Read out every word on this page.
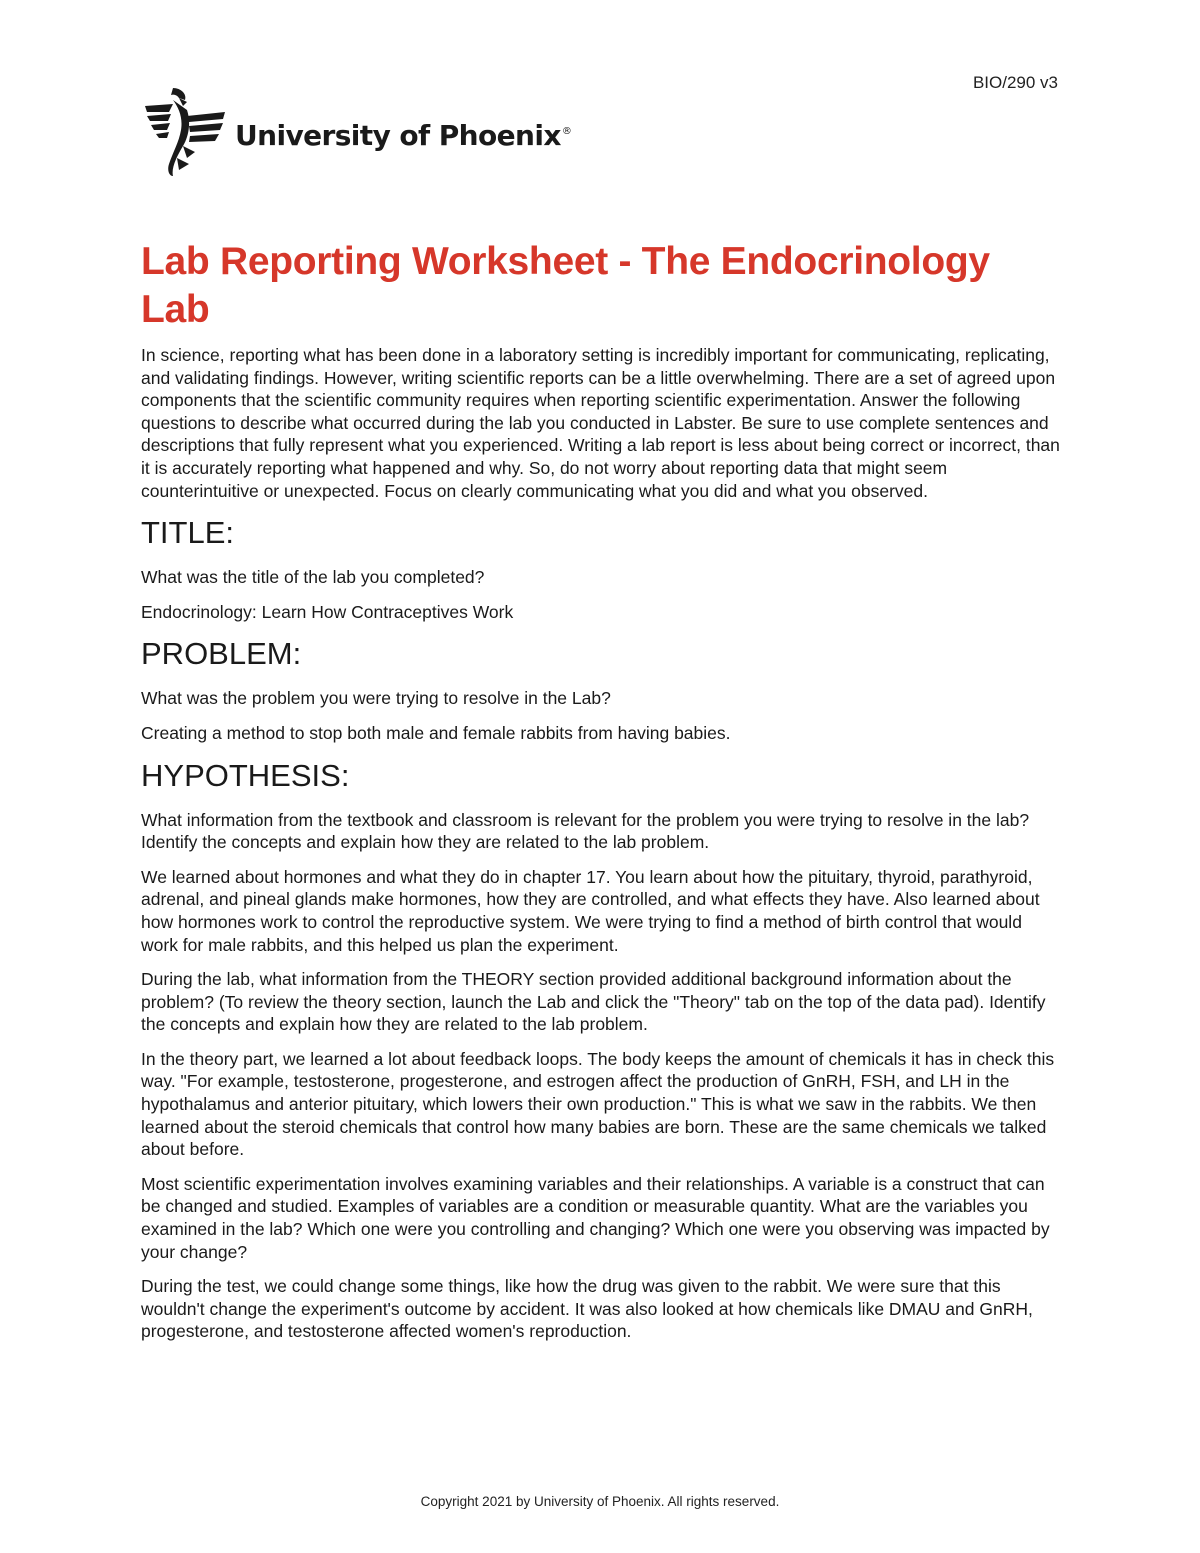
BIO/290 v3
University of Phoenix®
Lab Reporting Worksheet - The Endocrinology Lab

In science, reporting what has been done in a laboratory setting is incredibly important for communicating, replicating, and validating findings. However, writing scientific reports can be a little overwhelming. There are a set of agreed upon components that the scientific community requires when reporting scientific experimentation. Answer the following questions to describe what occurred during the lab you conducted in Labster. Be sure to use complete sentences and descriptions that fully represent what you experienced. Writing a lab report is less about being correct or incorrect, than it is accurately reporting what happened and why. So, do not worry about reporting data that might seem counterintuitive or unexpected. Focus on clearly communicating what you did and what you observed.

TITLE:

What was the title of the lab you completed?

Endocrinology: Learn How Contraceptives Work

PROBLEM:

What was the problem you were trying to resolve in the Lab?

Creating a method to stop both male and female rabbits from having babies.

HYPOTHESIS:

What information from the textbook and classroom is relevant for the problem you were trying to resolve in the lab? Identify the concepts and explain how they are related to the lab problem.

We learned about hormones and what they do in chapter 17. You learn about how the pituitary, thyroid, parathyroid, adrenal, and pineal glands make hormones, how they are controlled, and what effects they have. Also learned about how hormones work to control the reproductive system. We were trying to find a method of birth control that would work for male rabbits, and this helped us plan the experiment.

During the lab, what information from the THEORY section provided additional background information about the problem? (To review the theory section, launch the Lab and click the "Theory" tab on the top of the data pad). Identify the concepts and explain how they are related to the lab problem.

In the theory part, we learned a lot about feedback loops. The body keeps the amount of chemicals it has in check this way. "For example, testosterone, progesterone, and estrogen affect the production of GnRH, FSH, and LH in the hypothalamus and anterior pituitary, which lowers their own production." This is what we saw in the rabbits. We then learned about the steroid chemicals that control how many babies are born. These are the same chemicals we talked about before.

Most scientific experimentation involves examining variables and their relationships. A variable is a construct that can be changed and studied. Examples of variables are a condition or measurable quantity. What are the variables you examined in the lab? Which one were you controlling and changing? Which one were you observing was impacted by your change?

During the test, we could change some things, like how the drug was given to the rabbit. We were sure that this wouldn't change the experiment's outcome by accident. It was also looked at how chemicals like DMAU and GnRH, progesterone, and testosterone affected women's reproduction.

Copyright 2021 by University of Phoenix. All rights reserved.
